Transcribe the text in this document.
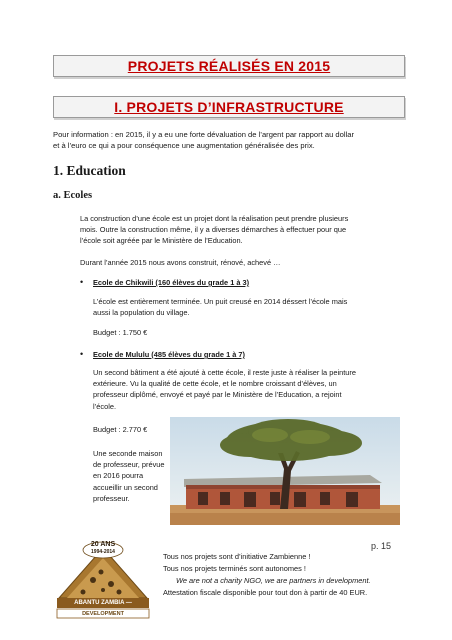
PROJETS RÉALISÉS EN 2015
I. PROJETS D’INFRASTRUCTURE
Pour information : en 2015, il y a eu une forte dévaluation de l’argent par rapport au dollar
et à l’euro ce qui a pour conséquence une augmentation généralisée des prix.
1. Education
a. Ecoles
La construction d’une école est un projet dont la réalisation peut prendre plusieurs
mois. Outre la construction même, il y a diverses démarches à effectuer pour que
l’école soit agréée par le Ministère de l’Education.
Durant l’année 2015 nous avons construit, rénové, achevé …
•	Ecole de Chikwili (160 élèves du grade 1 à 3)
L’école est entièrement terminée. Un puit creusé en 2014 déssert l’école mais
aussi la population du village.
Budget : 1.750 €
•	Ecole de Mululu (485 élèves du grade 1 à 7)
Un second bâtiment a été ajouté à cette école, il reste juste à réaliser la peinture
extérieure. Vu la qualité de cette école, et le nombre croissant d’élèves, un
professeur diplômé, envoyé et payé par le Ministère de l’Education, a rejoint
l’école.
Budget : 2.770 €
Une seconde maison
de professeur, prévue
en 2016 pourra
accueillir un second
professeur.
p. 15
20 ANS
1994-2014
ABANTU ZAMBIA —
DEVELOPMENT
Tous nos projets sont d’initiative Zambienne !
Tous nos projets terminés sont autonomes !
We are not a charity NGO, we are partners in development.
Attestation fiscale disponible pour tout don à partir de 40 EUR.
